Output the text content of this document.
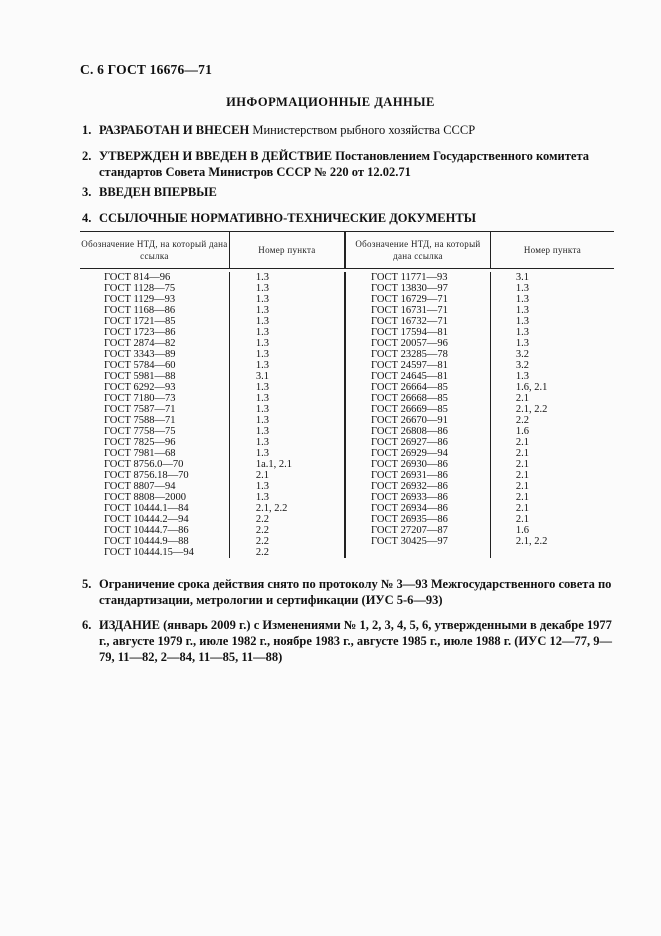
С. 6 ГОСТ 16676—71
ИНФОРМАЦИОННЫЕ ДАННЫЕ
1. РАЗРАБОТАН И ВНЕСЕН Министерством рыбного хозяйства СССР
2. УТВЕРЖДЕН И ВВЕДЕН В ДЕЙСТВИЕ Постановлением Государственного комитета стандартов Совета Министров СССР № 220 от 12.02.71
3. ВВЕДЕН ВПЕРВЫЕ
4. ССЫЛОЧНЫЕ НОРМАТИВНО-ТЕХНИЧЕСКИЕ ДОКУМЕНТЫ
Обозначение НТД, на который дана ссылка
Номер пункта
Обозначение НТД, на который дана ссылка
Номер пункта
ГОСТ 814—96
ГОСТ 1128—75
ГОСТ 1129—93
ГОСТ 1168—86
ГОСТ 1721—85
ГОСТ 1723—86
ГОСТ 2874—82
ГОСТ 3343—89
ГОСТ 5784—60
ГОСТ 5981—88
ГОСТ 6292—93
ГОСТ 7180—73
ГОСТ 7587—71
ГОСТ 7588—71
ГОСТ 7758—75
ГОСТ 7825—96
ГОСТ 7981—68
ГОСТ 8756.0—70
ГОСТ 8756.18—70
ГОСТ 8807—94
ГОСТ 8808—2000
ГОСТ 10444.1—84
ГОСТ 10444.2—94
ГОСТ 10444.7—86
ГОСТ 10444.9—88
ГОСТ 10444.15—94
1.3
1.3
1.3
1.3
1.3
1.3
1.3
1.3
1.3
3.1
1.3
1.3
1.3
1.3
1.3
1.3
1.3
1а.1, 2.1
2.1
1.3
1.3
2.1, 2.2
2.2
2.2
2.2
2.2
ГОСТ 11771—93
ГОСТ 13830—97
ГОСТ 16729—71
ГОСТ 16731—71
ГОСТ 16732—71
ГОСТ 17594—81
ГОСТ 20057—96
ГОСТ 23285—78
ГОСТ 24597—81
ГОСТ 24645—81
ГОСТ 26664—85
ГОСТ 26668—85
ГОСТ 26669—85
ГОСТ 26670—91
ГОСТ 26808—86
ГОСТ 26927—86
ГОСТ 26929—94
ГОСТ 26930—86
ГОСТ 26931—86
ГОСТ 26932—86
ГОСТ 26933—86
ГОСТ 26934—86
ГОСТ 26935—86
ГОСТ 27207—87
ГОСТ 30425—97
3.1
1.3
1.3
1.3
1.3
1.3
1.3
3.2
3.2
1.3
1.6, 2.1
2.1
2.1, 2.2
2.2
1.6
2.1
2.1
2.1
2.1
2.1
2.1
2.1
2.1
1.6
2.1, 2.2
5. Ограничение срока действия снято по протоколу № 3—93 Межгосударственного совета по стандартизации, метрологии и сертификации (ИУС 5-6—93)
6. ИЗДАНИЕ (январь 2009 г.) с Изменениями № 1, 2, 3, 4, 5, 6, утвержденными в декабре 1977 г., августе 1979 г., июле 1982 г., ноябре 1983 г., августе 1985 г., июле 1988 г. (ИУС 12—77, 9—79, 11—82, 2—84, 11—85, 11—88)
